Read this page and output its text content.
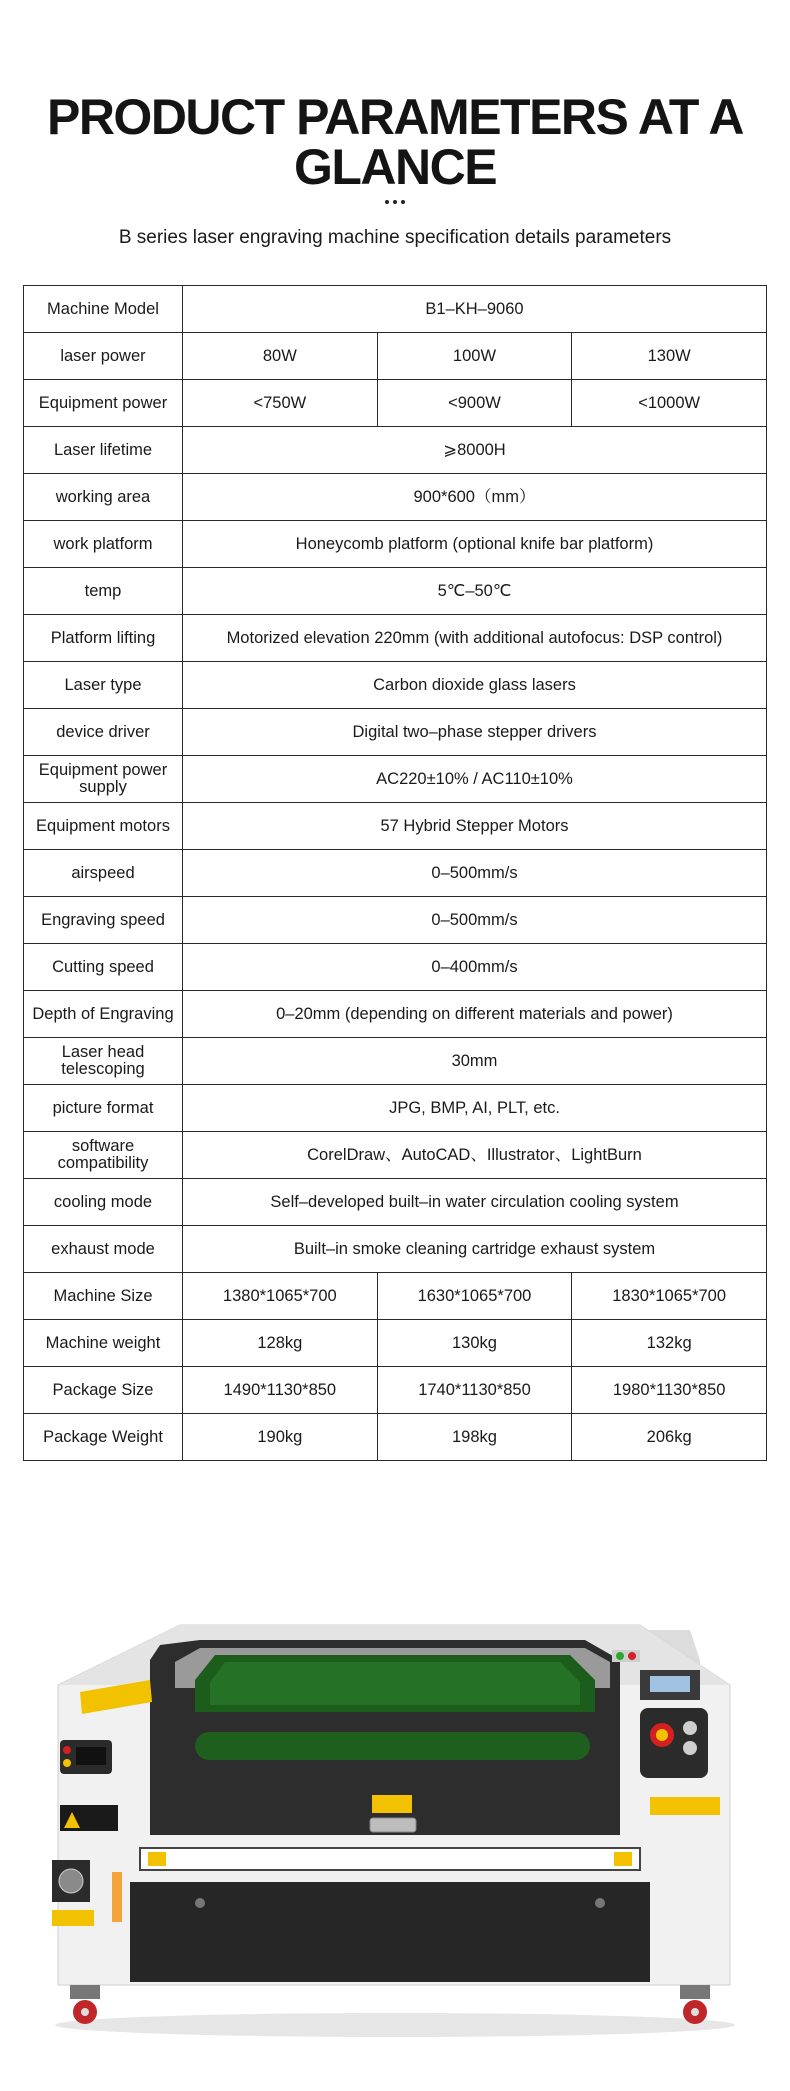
PRODUCT PARAMETERS AT A GLANCE
B series laser engraving machine specification details parameters
Machine Model	B1–KH–9060		
laser power	80W	100W	130W
Equipment power	<750W	<900W	<1000W
Laser lifetime	⩾8000H		
working area	900*600（mm）		
work platform	Honeycomb platform (optional knife bar platform)		
temp	5℃–50℃		
Platform lifting	Motorized elevation 220mm (with additional autofocus: DSP control)		
Laser type	Carbon dioxide glass lasers		
device driver	Digital two–phase stepper drivers		
Equipment power supply	AC220±10% / AC110±10%		
Equipment motors	57 Hybrid Stepper Motors		
airspeed	0–500mm/s		
Engraving speed	0–500mm/s		
Cutting speed	0–400mm/s		
Depth of Engraving	0–20mm (depending on different materials and power)		
Laser head telescoping	30mm		
picture format	JPG, BMP, AI, PLT, etc.		
software compatibility	CorelDraw、AutoCAD、Illustrator、LightBurn		
cooling mode	Self–developed built–in water circulation cooling system		
exhaust mode	Built–in smoke cleaning cartridge exhaust system		
Machine Size	1380*1065*700	1630*1065*700	1830*1065*700
Machine weight	128kg	130kg	132kg
Package Size	1490*1130*850	1740*1130*850	1980*1130*850
Package Weight	190kg	198kg	206kg
